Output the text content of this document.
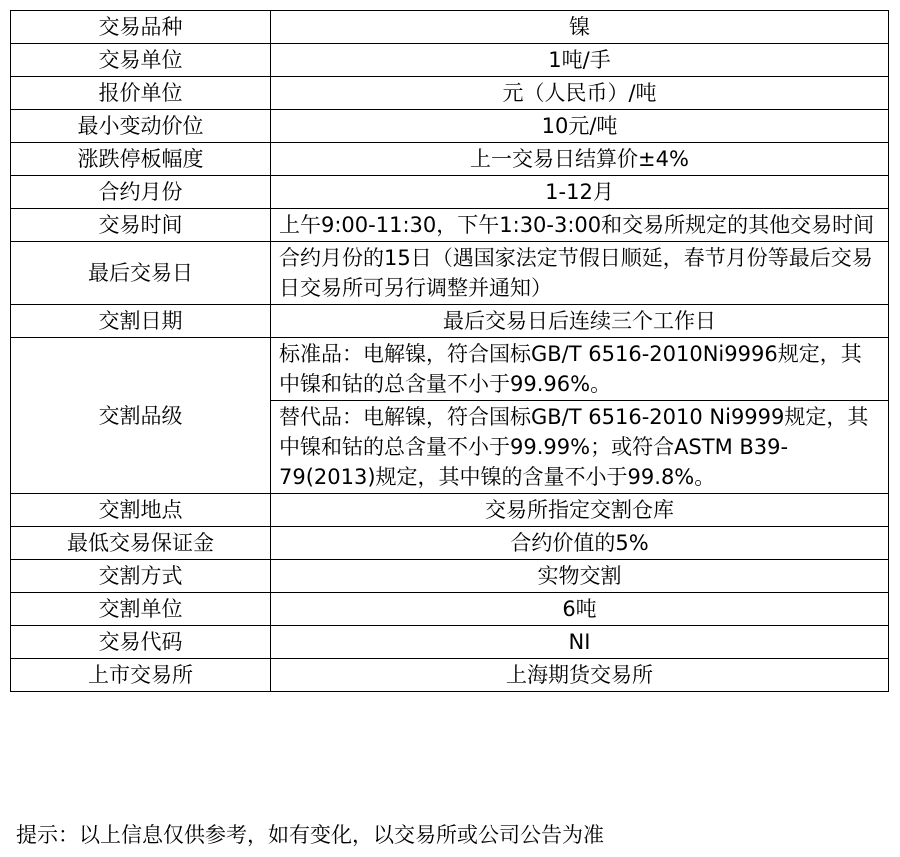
交易品种	镍
交易单位	1吨/手
报价单位	元（人民币）/吨
最小变动价位	10元/吨
涨跌停板幅度	上一交易日结算价±4%
合约月份	1-12月
交易时间	上午9:00-11:30，下午1:30-3:00和交易所规定的其他交易时间
最后交易日	合约月份的15日（遇国家法定节假日顺延，春节月份等最后交易日交易所可另行调整并通知）
交割日期	最后交易日后连续三个工作日
交割品级	标准品：电解镍，符合国标GB/T 6516-2010Ni9996规定，其中镍和钴的总含量不小于99.96%。
	替代品：电解镍，符合国标GB/T 6516-2010 Ni9999规定，其中镍和钴的总含量不小于99.99%；或符合ASTM B39-79(2013)规定，其中镍的含量不小于99.8%。
交割地点	交易所指定交割仓库
最低交易保证金	合约价值的5%
交割方式	实物交割
交割单位	6吨
交易代码	NI
上市交易所	上海期货交易所
提示：以上信息仅供参考，如有变化，以交易所或公司公告为准
